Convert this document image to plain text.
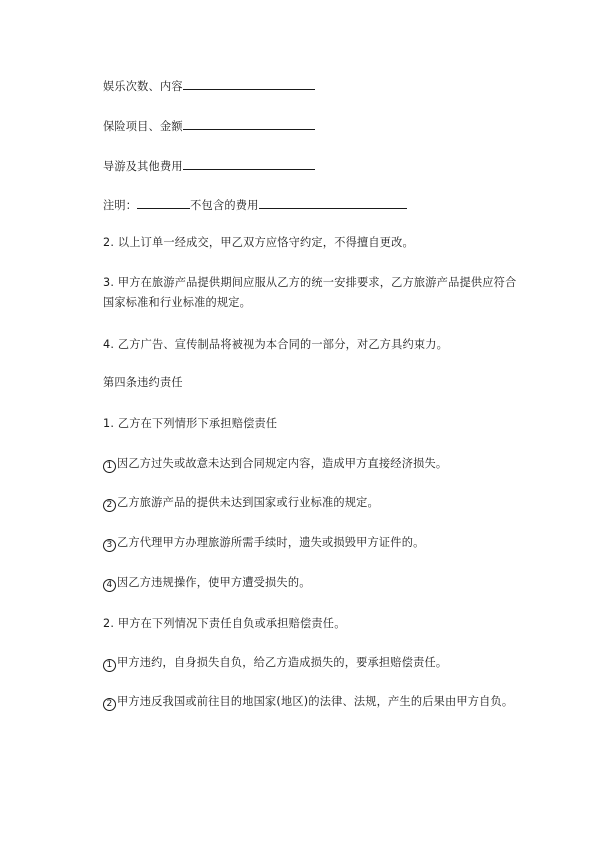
娱乐次数、内容
保险项目、金额
导游及其他费用
注明：	不包含的费用
2. 以上订单一经成交，甲乙双方应恪守约定，不得擅自更改。
3. 甲方在旅游产品提供期间应服从乙方的统一安排要求，乙方旅游产品提供应符合国家标准和行业标准的规定。
4. 乙方广告、宣传制品将被视为本合同的一部分，对乙方具约束力。
第四条违约责任
1. 乙方在下列情形下承担赔偿责任
1 因乙方过失或故意未达到合同规定内容，造成甲方直接经济损失。
2 乙方旅游产品的提供未达到国家或行业标准的规定。
3 乙方代理甲方办理旅游所需手续时，遗失或损毁甲方证件的。
4 因乙方违规操作，使甲方遭受损失的。
2. 甲方在下列情况下责任自负或承担赔偿责任。
1 甲方违约，自身损失自负，给乙方造成损失的，要承担赔偿责任。
2 甲方违反我国或前往目的地国家(地区)的法律、法规，产生的后果由甲方自负。
